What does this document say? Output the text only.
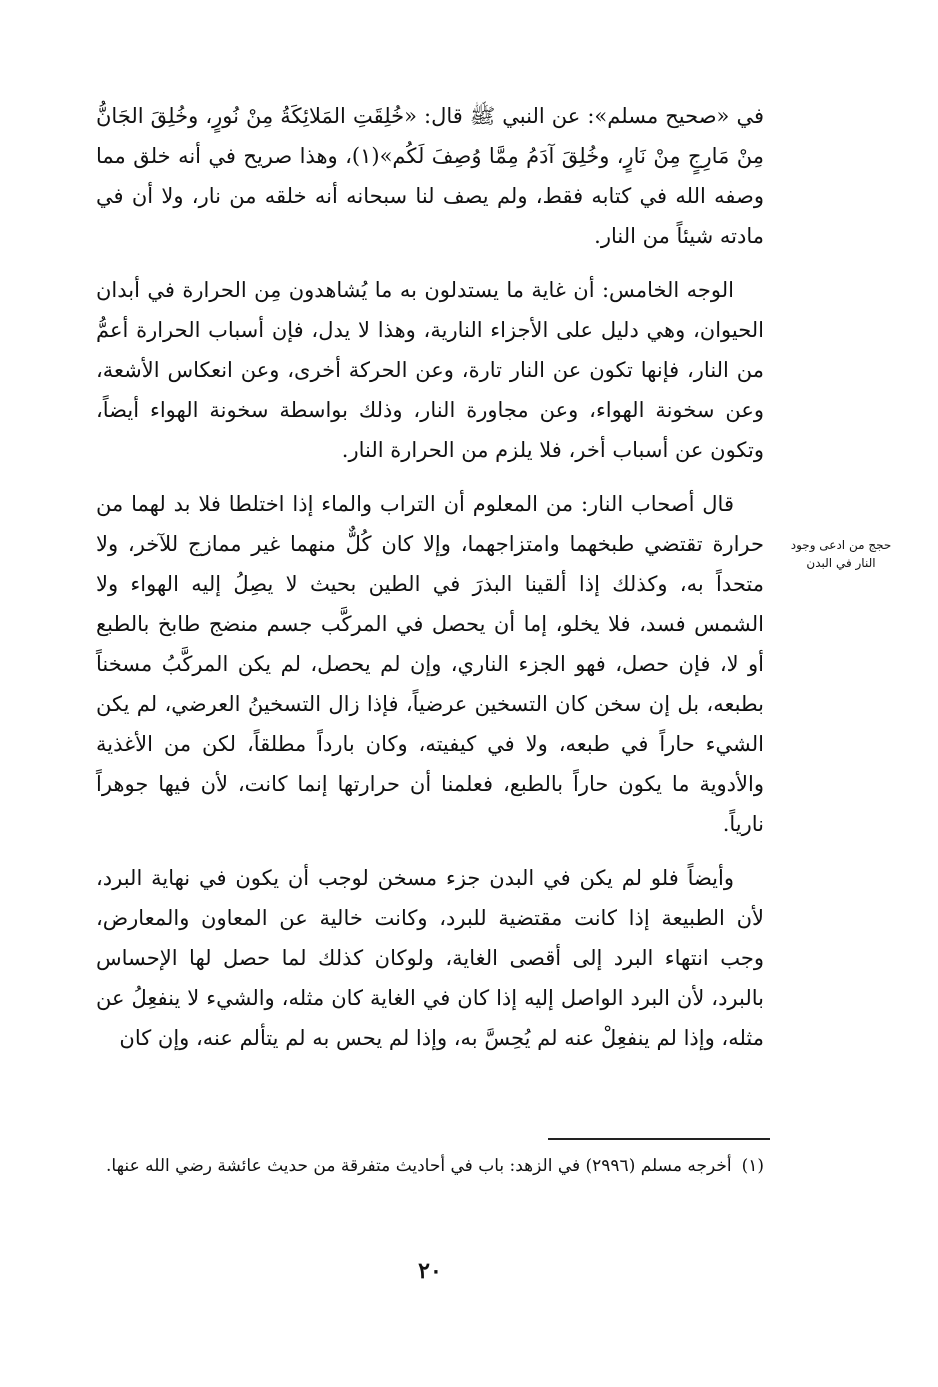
في «صحيح مسلم»: عن النبي ﷺ قال: «خُلِقَتِ المَلائِكَةُ مِنْ نُورٍ، وخُلِقَ الجَانُّ مِنْ مَارِجٍ مِنْ نَارٍ، وخُلِقَ آدَمُ مِمَّا وُصِفَ لَكُم»(١)، وهذا صريح في أنه خلق مما وصفه الله في كتابه فقط، ولم يصف لنا سبحانه أنه خلقه من نار، ولا أن في مادته شيئاً من النار.

الوجه الخامس: أن غاية ما يستدلون به ما يُشاهدون مِن الحرارة في أبدان الحيوان، وهي دليل على الأجزاء النارية، وهذا لا يدل، فإن أسباب الحرارة أعمُّ من النار، فإنها تكون عن النار تارة، وعن الحركة أخرى، وعن انعكاس الأشعة، وعن سخونة الهواء، وعن مجاورة النار، وذلك بواسطة سخونة الهواء أيضاً، وتكون عن أسباب أخر، فلا يلزم من الحرارة النار.

قال أصحاب النار: من المعلوم أن التراب والماء إذا اختلطا فلا بد لهما من حرارة تقتضي طبخهما وامتزاجهما، وإلا كان كُلٌّ منهما غير ممازج للآخر، ولا متحداً به، وكذلك إذا ألقينا البذرَ في الطين بحيث لا يصِلُ إليه الهواء ولا الشمس فسد، فلا يخلو، إما أن يحصل في المركَّب جسم منضج طابخ بالطبع أو لا، فإن حصل، فهو الجزء الناري، وإن لم يحصل، لم يكن المركَّبُ مسخناً بطبعه، بل إن سخن كان التسخين عرضياً، فإذا زال التسخينُ العرضي، لم يكن الشيء حاراً في طبعه، ولا في كيفيته، وكان بارداً مطلقاً، لكن من الأغذية والأدوية ما يكون حاراً بالطبع، فعلمنا أن حرارتها إنما كانت، لأن فيها جوهراً نارياً.

وأيضاً فلو لم يكن في البدن جزء مسخن لوجب أن يكون في نهاية البرد، لأن الطبيعة إذا كانت مقتضية للبرد، وكانت خالية عن المعاون والمعارض، وجب انتهاء البرد إلى أقصى الغاية، ولوكان كذلك لما حصل لها الإحساس بالبرد، لأن البرد الواصل إليه إذا كان في الغاية كان مثله، والشيء لا ينفعِلُ عن مثله، وإذا لم ينفعِلْ عنه لم يُحِسَّ به، وإذا لم يحس به لم يتألم عنه، وإن كان

حجج من ادعى وجود النار في البدن

(١)أخرجه مسلم (٢٩٩٦) في الزهد: باب في أحاديث متفرقة من حديث عائشة رضي الله عنها.

٢٠
